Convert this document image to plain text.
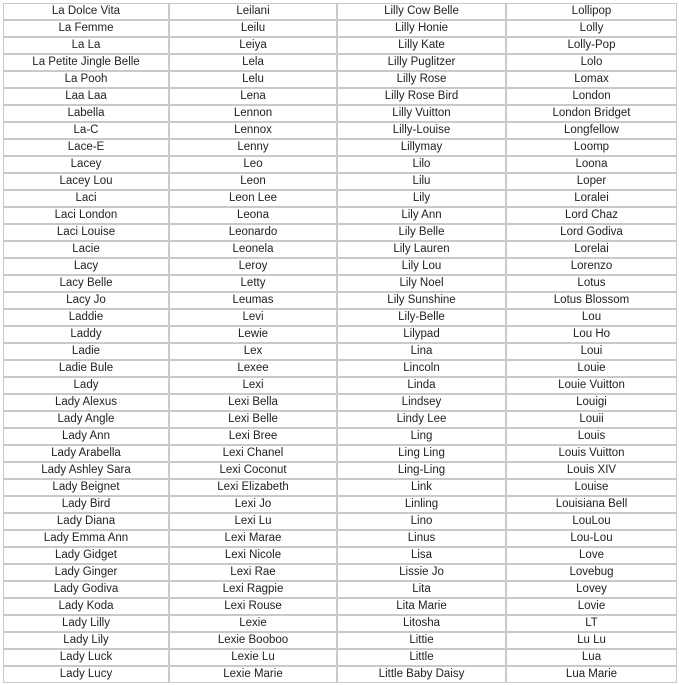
La Dolce Vita	Leilani	Lilly Cow Belle	Lollipop
La Femme	Leilu	Lilly Honie	Lolly
La La	Leiya	Lilly Kate	Lolly-Pop
La Petite Jingle Belle	Lela	Lilly Puglitzer	Lolo
La Pooh	Lelu	Lilly Rose	Lomax
Laa Laa	Lena	Lilly Rose Bird	London
Labella	Lennon	Lilly Vuitton	London Bridget
La-C	Lennox	Lilly-Louise	Longfellow
Lace-E	Lenny	Lillymay	Loomp
Lacey	Leo	Lilo	Loona
Lacey Lou	Leon	Lilu	Loper
Laci	Leon Lee	Lily	Loralei
Laci London	Leona	Lily Ann	Lord Chaz
Laci Louise	Leonardo	Lily Belle	Lord Godiva
Lacie	Leonela	Lily Lauren	Lorelai
Lacy	Leroy	Lily Lou	Lorenzo
Lacy Belle	Letty	Lily Noel	Lotus
Lacy Jo	Leumas	Lily Sunshine	Lotus Blossom
Laddie	Levi	Lily-Belle	Lou
Laddy	Lewie	Lilypad	Lou Ho
Ladie	Lex	Lina	Loui
Ladie Bule	Lexee	Lincoln	Louie
Lady	Lexi	Linda	Louie Vuitton
Lady Alexus	Lexi Bella	Lindsey	Louigi
Lady Angle	Lexi Belle	Lindy Lee	Louii
Lady Ann	Lexi Bree	Ling	Louis
Lady Arabella	Lexi Chanel	Ling Ling	Louis Vuitton
Lady Ashley Sara	Lexi Coconut	Ling-Ling	Louis XIV
Lady Beignet	Lexi Elizabeth	Link	Louise
Lady Bird	Lexi Jo	Linling	Louisiana Bell
Lady Diana	Lexi Lu	Lino	LouLou
Lady Emma Ann	Lexi Marae	Linus	Lou-Lou
Lady Gidget	Lexi Nicole	Lisa	Love
Lady Ginger	Lexi Rae	Lissie Jo	Lovebug
Lady Godiva	Lexi Ragpie	Lita	Lovey
Lady Koda	Lexi Rouse	Lita Marie	Lovie
Lady Lilly	Lexie	Litosha	LT
Lady Lily	Lexie Booboo	Littie	Lu Lu
Lady Luck	Lexie Lu	Little	Lua
Lady Lucy	Lexie Marie	Little Baby Daisy	Lua Marie
